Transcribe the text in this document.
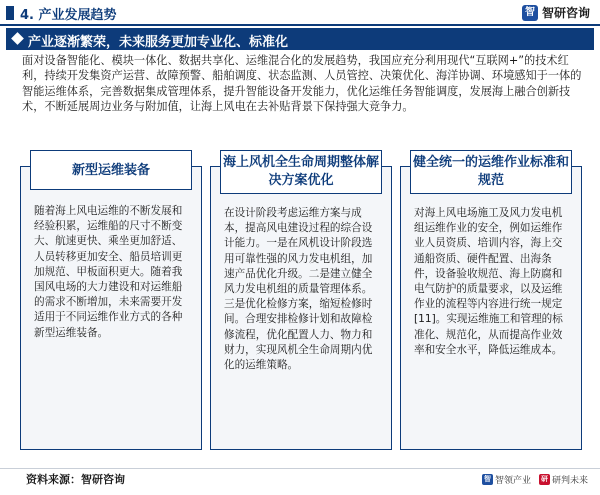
4. 产业发展趋势	智 智研咨询
产业逐渐繁荣，未来服务更加专业化、标准化
面对设备智能化、模块一体化、数据共享化、运维混合化的发展趋势，我国应充分利用现代“互联网+”的技术红利，持续开发集资产运营、故障预警、船舶调度、状态监测、人员管控、决策优化、海洋协调、环境感知于一体的智能运维体系，完善数据集成管理体系，提升智能设备开发能力，优化运维任务智能调度，发展海上融合创新技术，不断延展周边业务与附加值，让海上风电在去补贴背景下保持强大竞争力。
新型运维装备
随着海上风电运维的不断发展和经验积累，运维船的尺寸不断变大、航速更快、乘坐更加舒适、人员转移更加安全、船员培训更加规范、甲板面积更大。随着我国风电场的大力建设和对运维船的需求不断增加，未来需要开发适用于不同运维作业方式的各种新型运维装备。
海上风机全生命周期整体解决方案优化
在设计阶段考虑运维方案与成本，提高风电建设过程的综合设计能力。一是在风机设计阶段选用可靠性强的风力发电机组，加速产品优化升级。二是建立健全风力发电机组的质量管理体系。三是优化检修方案，缩短检修时间。合理安排检修计划和故障检修流程，优化配置人力、物力和财力，实现风机全生命周期内优化的运维策略。
健全统一的运维作业标准和规范
对海上风电场施工及风力发电机组运维作业的安全，例如运维作业人员资质、培训内容，海上交通船资质、硬件配置、出海条件，设备验收规范、海上防腐和电气防护的质量要求，以及运维作业的流程等内容进行统一规定[11]。实现运维施工和管理的标准化、规范化，从而提高作业效率和安全水平，降低运维成本。
资料来源：智研咨询	智 智领产业 研 研判未来
